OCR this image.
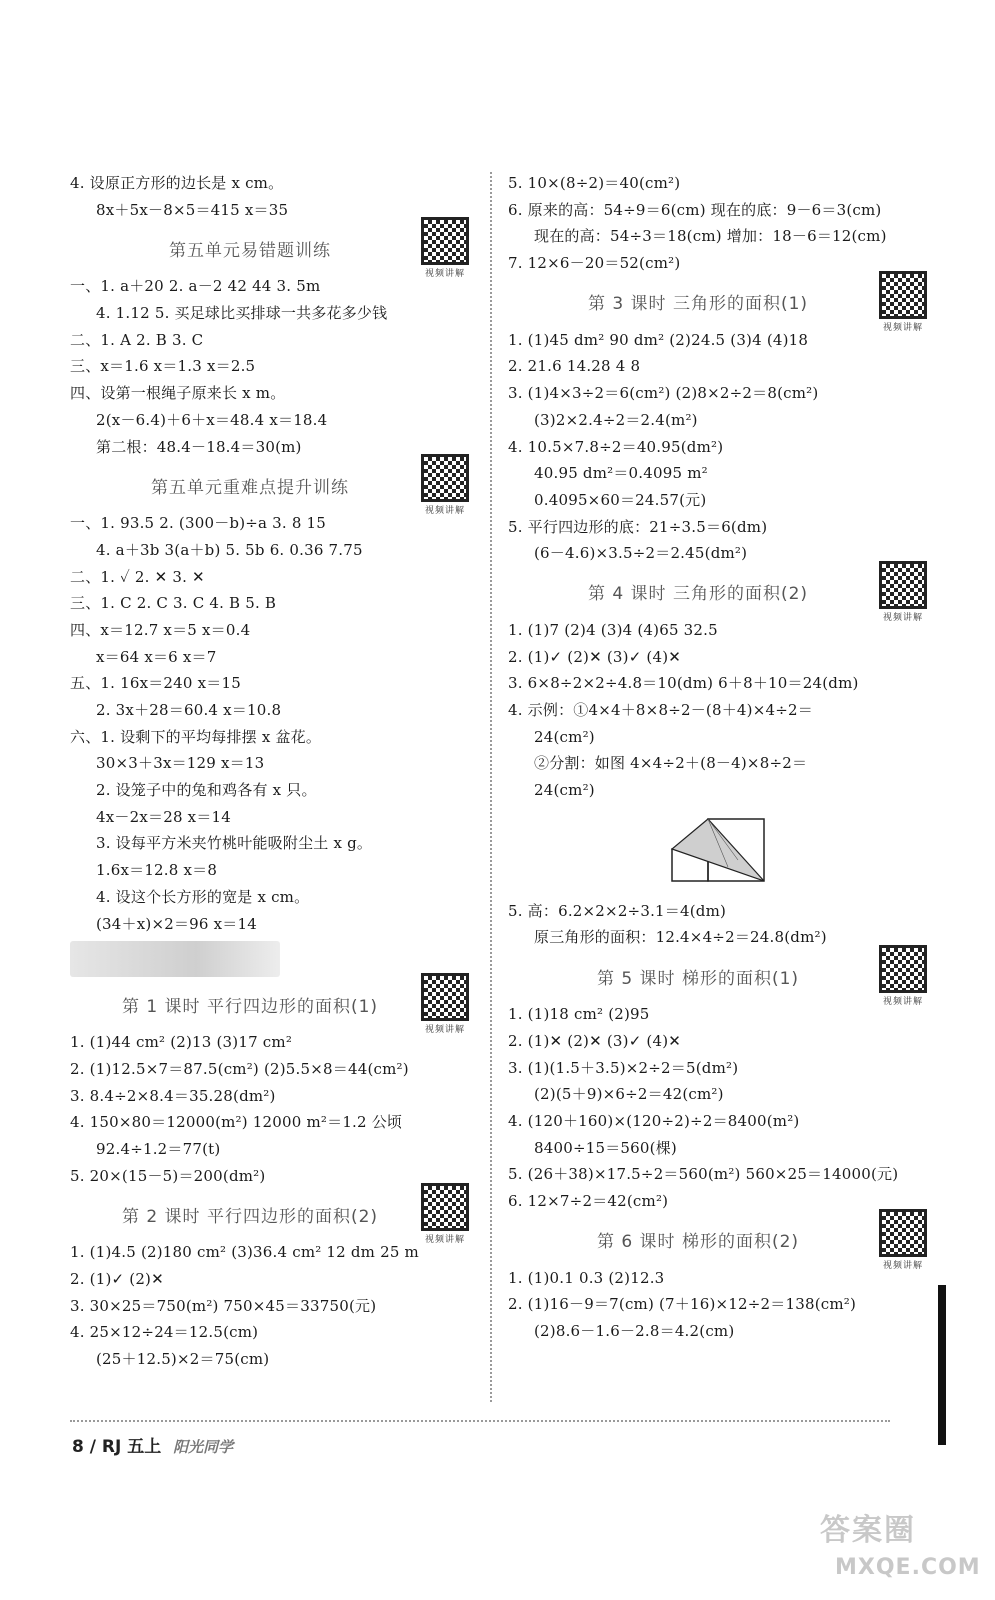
4. 设原正方形的边长是 x cm。
8x＋5x－8×5＝415 x＝35
第五单元易错题训练
视频讲解
一、1. a＋20 2. a－2 42 44 3. 5m
4. 1.12 5. 买足球比买排球一共多花多少钱
二、1. A 2. B 3. C
三、x＝1.6 x＝1.3 x＝2.5
四、设第一根绳子原来长 x m。
2(x－6.4)＋6＋x＝48.4 x＝18.4
第二根：48.4－18.4＝30(m)
第五单元重难点提升训练
视频讲解
一、1. 93.5 2. (300－b)÷a 3. 8 15
4. a＋3b 3(a＋b) 5. 5b 6. 0.36 7.75
二、1. ✓ 2. ✕ 3. ✕
三、1. C 2. C 3. C 4. B 5. B
四、x＝12.7 x＝5 x＝0.4
x＝64 x＝6 x＝7
五、1. 16x＝240 x＝15
2. 3x＋28＝60.4 x＝10.8
六、1. 设剩下的平均每排摆 x 盆花。
30×3＋3x＝129 x＝13
2. 设笼子中的兔和鸡各有 x 只。
4x－2x＝28 x＝14
3. 设每平方米夹竹桃叶能吸附尘土 x g。
1.6x＝12.8 x＝8
4. 设这个长方形的宽是 x cm。
(34＋x)×2＝96 x＝14
第 1 课时 平行四边形的面积(1)
视频讲解
1. (1)44 cm² (2)13 (3)17 cm²
2. (1)12.5×7＝87.5(cm²) (2)5.5×8＝44(cm²)
3. 8.4÷2×8.4＝35.28(dm²)
4. 150×80＝12000(m²) 12000 m²＝1.2 公顷
92.4÷1.2＝77(t)
5. 20×(15－5)＝200(dm²)
第 2 课时 平行四边形的面积(2)
视频讲解
1. (1)4.5 (2)180 cm² (3)36.4 cm² 12 dm 25 m
2. (1)✓ (2)✕
3. 30×25＝750(m²) 750×45＝33750(元)
4. 25×12÷24＝12.5(cm)
(25＋12.5)×2＝75(cm)
5. 10×(8÷2)＝40(cm²)
6. 原来的高：54÷9＝6(cm) 现在的底：9－6＝3(cm)
现在的高：54÷3＝18(cm) 增加：18－6＝12(cm)
7. 12×6－20＝52(cm²)
第 3 课时 三角形的面积(1)
视频讲解
1. (1)45 dm² 90 dm² (2)24.5 (3)4 (4)18
2. 21.6 14.28 4 8
3. (1)4×3÷2＝6(cm²) (2)8×2÷2＝8(cm²)
(3)2×2.4÷2＝2.4(m²)
4. 10.5×7.8÷2＝40.95(dm²)
40.95 dm²＝0.4095 m²
0.4095×60＝24.57(元)
5. 平行四边形的底：21÷3.5＝6(dm)
(6－4.6)×3.5÷2＝2.45(dm²)
第 4 课时 三角形的面积(2)
视频讲解
1. (1)7 (2)4 (3)4 (4)65 32.5
2. (1)✓ (2)✕ (3)✓ (4)✕
3. 6×8÷2×2÷4.8＝10(dm) 6＋8＋10＝24(dm)
4. 示例：①4×4＋8×8÷2－(8＋4)×4÷2＝
24(cm²)
②分割：如图 4×4÷2＋(8－4)×8÷2＝
24(cm²)
5. 高：6.2×2×2÷3.1＝4(dm)
原三角形的面积：12.4×4÷2＝24.8(dm²)
第 5 课时 梯形的面积(1)
视频讲解
1. (1)18 cm² (2)95
2. (1)✕ (2)✕ (3)✓ (4)✕
3. (1)(1.5＋3.5)×2÷2＝5(dm²)
(2)(5＋9)×6÷2＝42(cm²)
4. (120＋160)×(120÷2)÷2＝8400(m²)
8400÷15＝560(棵)
5. (26＋38)×17.5÷2＝560(m²) 560×25＝14000(元)
6. 12×7÷2＝42(cm²)
第 6 课时 梯形的面积(2)
视频讲解
1. (1)0.1 0.3 (2)12.3
2. (1)16－9＝7(cm) (7＋16)×12÷2＝138(cm²)
(2)8.6－1.6－2.8＝4.2(cm)
8 / RJ 五上 阳光同学
答案圈
MXQE.COM
